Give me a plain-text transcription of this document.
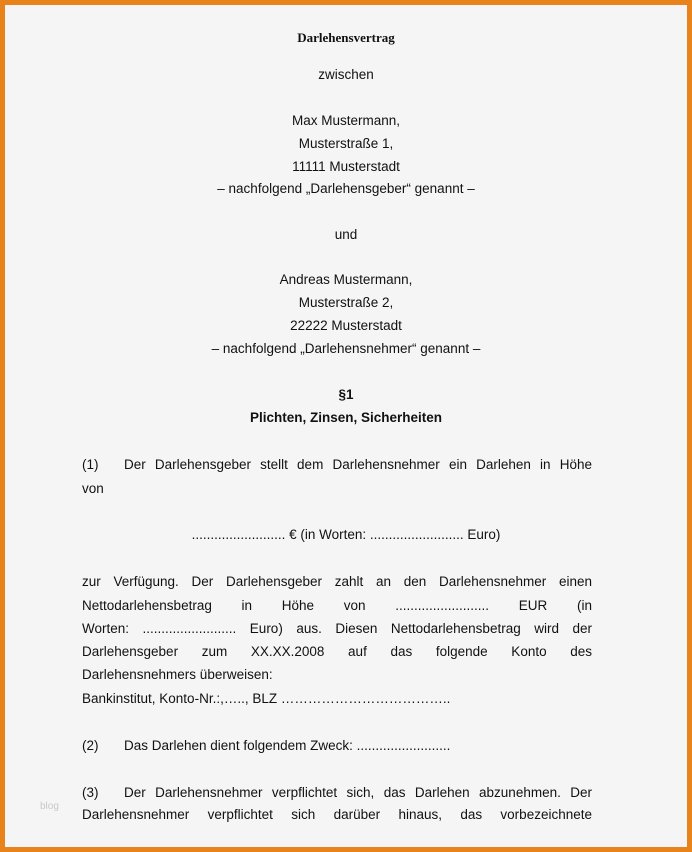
Darlehensvertrag
zwischen
Max Mustermann,
Musterstraße 1,
11111 Musterstadt
– nachfolgend „Darlehensgeber“ genannt –
und
Andreas Mustermann,
Musterstraße 2,
22222 Musterstadt
– nachfolgend „Darlehensnehmer“ genannt –
§1
Plichten, Zinsen, Sicherheiten
(1) Der Darlehensgeber stellt dem Darlehensnehmer ein Darlehen in Höhe
von
......................... € (in Worten: ......................... Euro)
zur Verfügung. Der Darlehensgeber zahlt an den Darlehensnehmer einen
Nettodarlehensbetrag in Höhe von ......................... EUR (in
Worten: ......................... Euro) aus. Diesen Nettodarlehensbetrag wird der
Darlehensgeber zum XX.XX.2008 auf das folgende Konto des
Darlehensnehmers überweisen:
Bankinstitut, Konto-Nr.:,….., BLZ ………………………………..
(2) Das Darlehen dient folgendem Zweck: .........................
(3) Der Darlehensnehmer verpflichtet sich, das Darlehen abzunehmen. Der
Darlehensnehmer verpflichtet sich darüber hinaus, das vorbezeichnete
blog
